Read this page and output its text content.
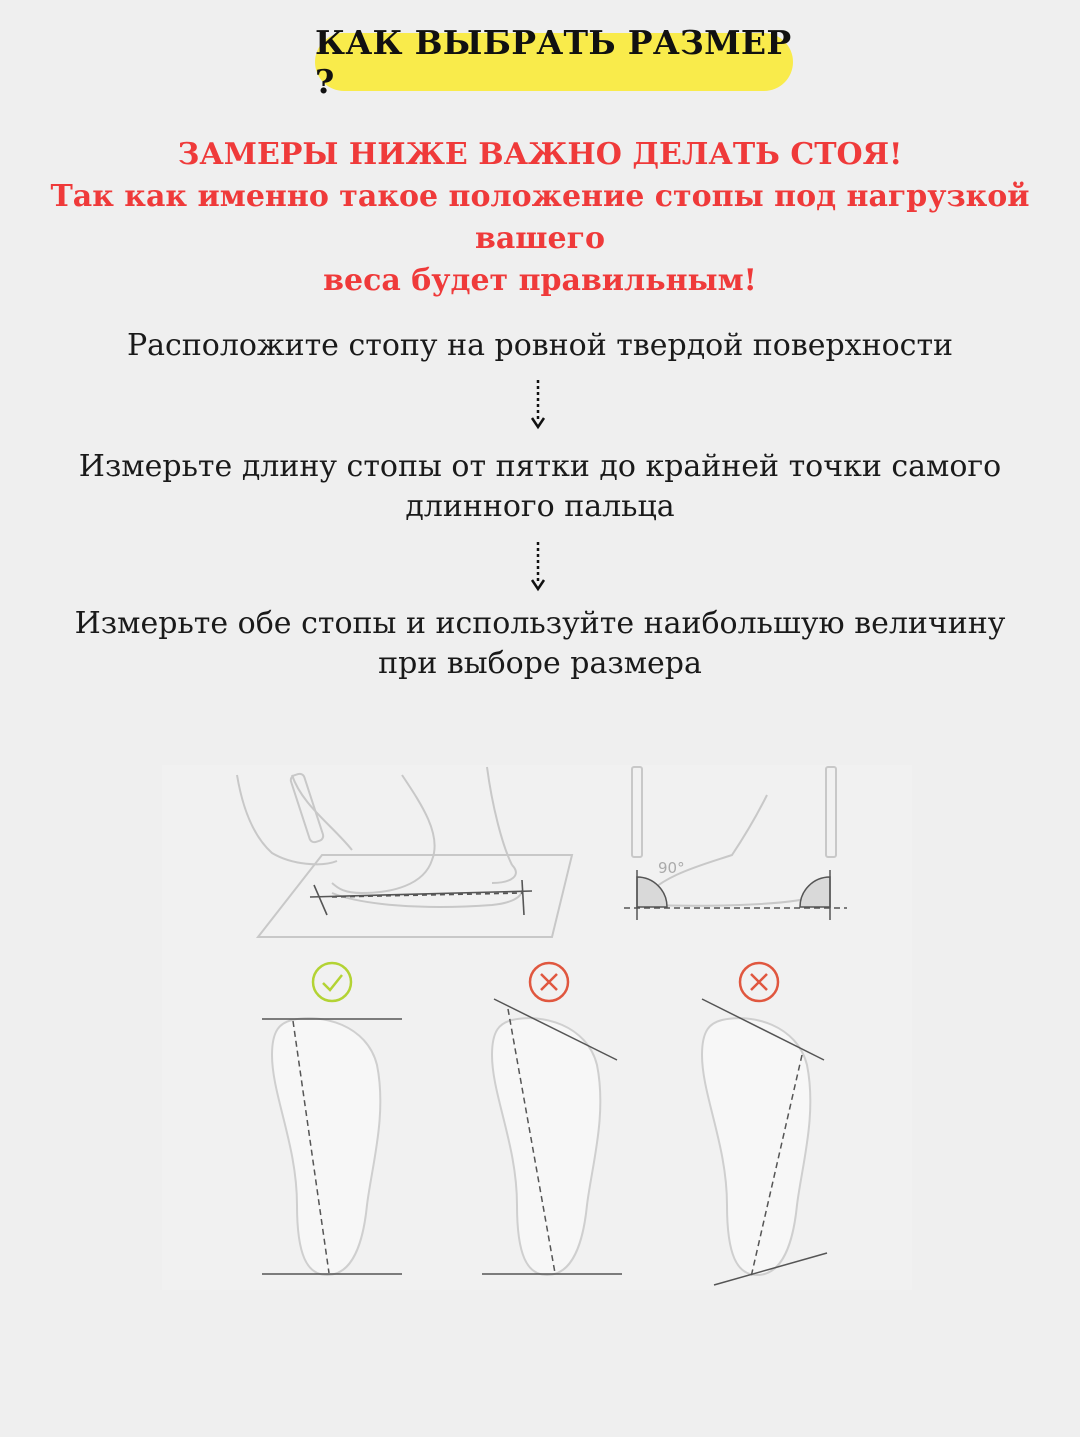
КАК ВЫБРАТЬ РАЗМЕР ?
ЗАМЕРЫ НИЖЕ ВАЖНО ДЕЛАТЬ СТОЯ!
Так как именно такое положение стопы под нагрузкой вашего
веса будет правильным!
Расположите стопу на ровной твердой поверхности
Измерьте длину стопы от пятки до крайней точки самого
длинного пальца
Измерьте обе стопы и используйте наибольшую величину
при выборе размера
90°
